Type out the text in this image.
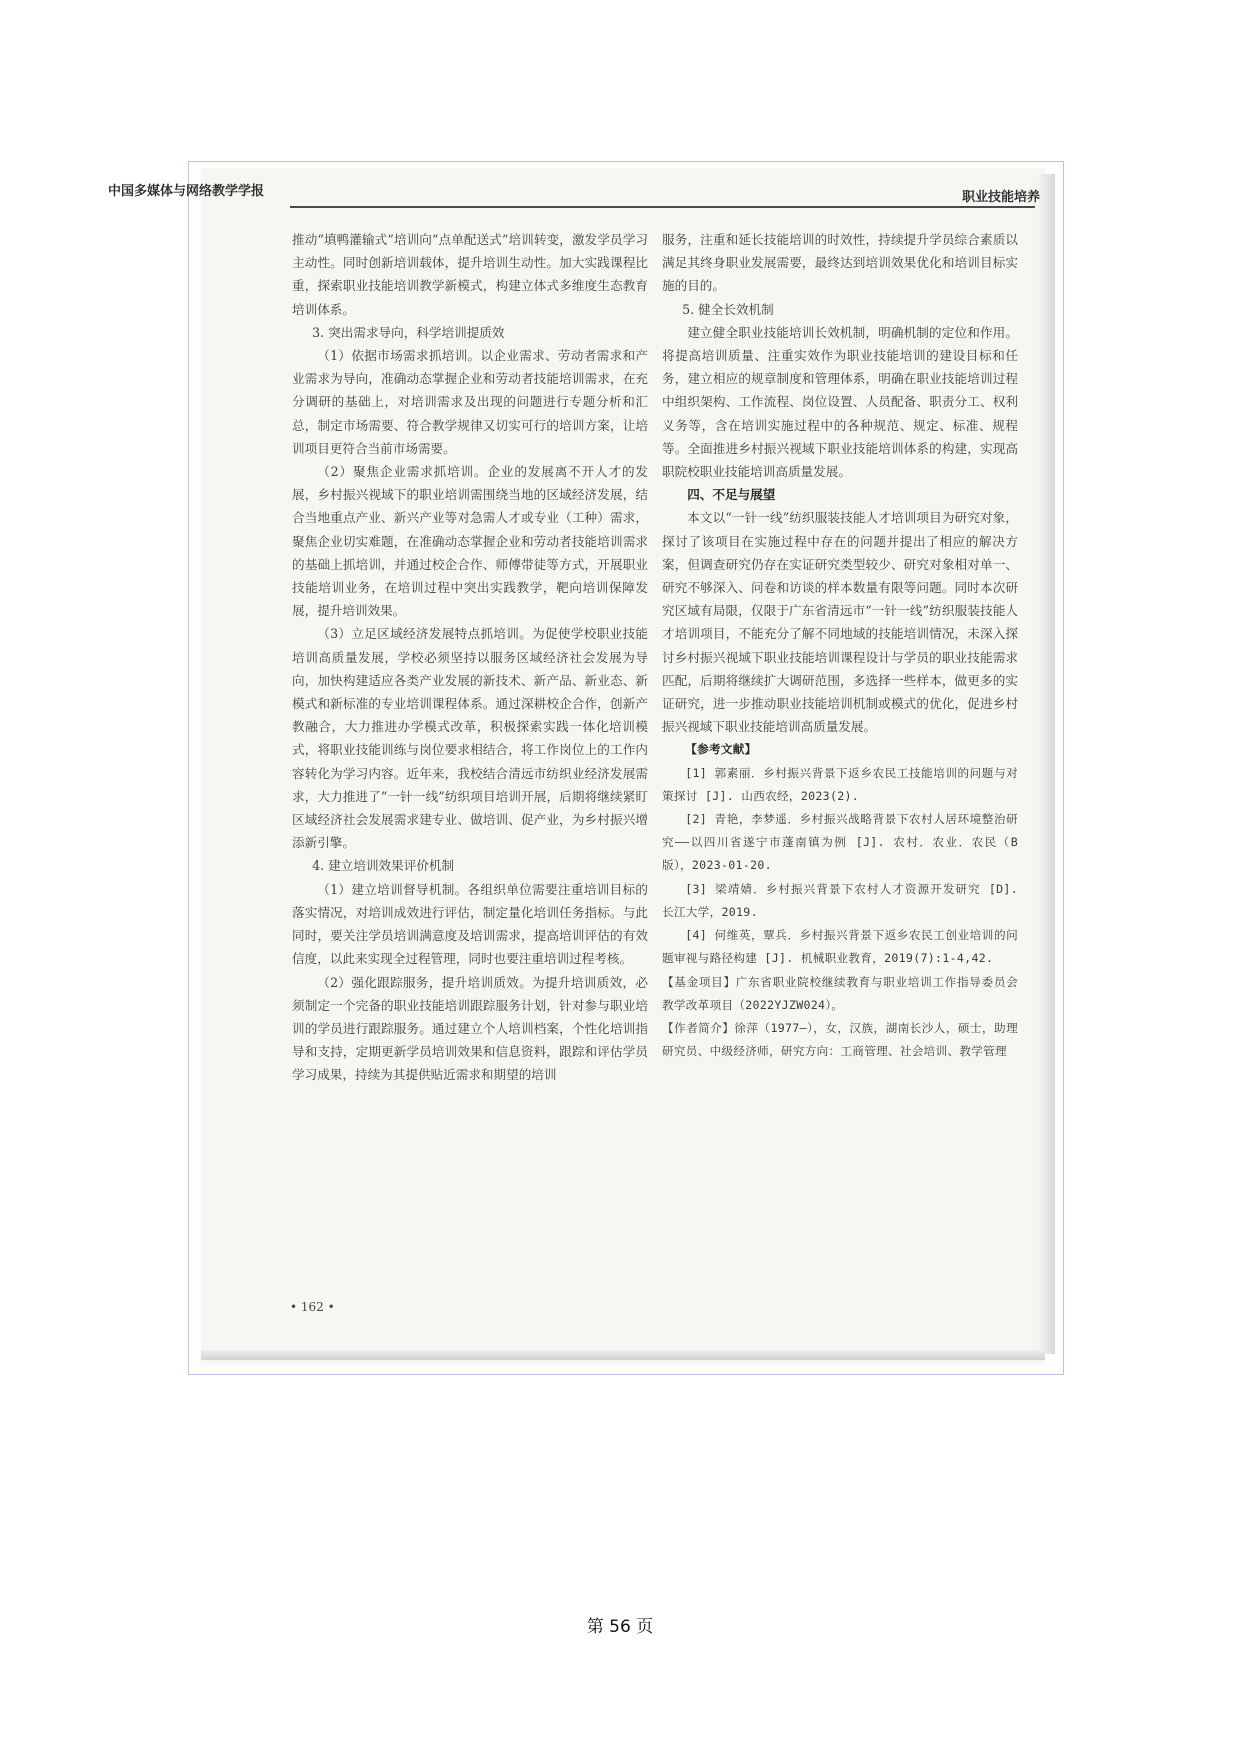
中国多媒体与网络教学学报	职业技能培养

推动“填鸭灌输式”培训向“点单配送式”培训转变，激发学员学习主动性。同时创新培训载体，提升培训生动性。加大实践课程比重，探索职业技能培训教学新模式，构建立体式多维度生态教育培训体系。

3. 突出需求导向，科学培训提质效

（1）依据市场需求抓培训。以企业需求、劳动者需求和产业需求为导向，准确动态掌握企业和劳动者技能培训需求，在充分调研的基础上，对培训需求及出现的问题进行专题分析和汇总，制定市场需要、符合教学规律又切实可行的培训方案，让培训项目更符合当前市场需要。

（2）聚焦企业需求抓培训。企业的发展离不开人才的发展，乡村振兴视域下的职业培训需围绕当地的区域经济发展，结合当地重点产业、新兴产业等对急需人才或专业（工种）需求，聚焦企业切实难题，在准确动态掌握企业和劳动者技能培训需求的基础上抓培训，并通过校企合作、师傅带徒等方式，开展职业技能培训业务，在培训过程中突出实践教学，靶向培训保障发展，提升培训效果。

（3）立足区域经济发展特点抓培训。为促使学校职业技能培训高质量发展，学校必须坚持以服务区域经济社会发展为导向，加快构建适应各类产业发展的新技术、新产品、新业态、新模式和新标准的专业培训课程体系。通过深耕校企合作，创新产教融合，大力推进办学模式改革，积极探索实践一体化培训模式，将职业技能训练与岗位要求相结合，将工作岗位上的工作内容转化为学习内容。近年来，我校结合清远市纺织业经济发展需求，大力推进了“一针一线”纺织项目培训开展，后期将继续紧盯区域经济社会发展需求建专业、做培训、促产业，为乡村振兴增添新引擎。

4. 建立培训效果评价机制

（1）建立培训督导机制。各组织单位需要注重培训目标的落实情况，对培训成效进行评估，制定量化培训任务指标。与此同时，要关注学员培训满意度及培训需求，提高培训评估的有效信度，以此来实现全过程管理，同时也要注重培训过程考核。

（2）强化跟踪服务，提升培训质效。为提升培训质效，必须制定一个完备的职业技能培训跟踪服务计划，针对参与职业培训的学员进行跟踪服务。通过建立个人培训档案，个性化培训指导和支持，定期更新学员培训效果和信息资料，跟踪和评估学员学习成果，持续为其提供贴近需求和期望的培训

服务，注重和延长技能培训的时效性，持续提升学员综合素质以满足其终身职业发展需要，最终达到培训效果优化和培训目标实施的目的。

5. 健全长效机制

建立健全职业技能培训长效机制，明确机制的定位和作用。将提高培训质量、注重实效作为职业技能培训的建设目标和任务，建立相应的规章制度和管理体系，明确在职业技能培训过程中组织架构、工作流程、岗位设置、人员配备、职责分工、权利义务等，含在培训实施过程中的各种规范、规定、标准、规程等。全面推进乡村振兴视域下职业技能培训体系的构建，实现高职院校职业技能培训高质量发展。

四、不足与展望

本文以“一针一线”纺织服装技能人才培训项目为研究对象，探讨了该项目在实施过程中存在的问题并提出了相应的解决方案，但调查研究仍存在实证研究类型较少、研究对象相对单一、研究不够深入、问卷和访谈的样本数量有限等问题。同时本次研究区域有局限，仅限于广东省清远市“一针一线”纺织服装技能人才培训项目，不能充分了解不同地域的技能培训情况，未深入探讨乡村振兴视域下职业技能培训课程设计与学员的职业技能需求匹配，后期将继续扩大调研范围，多选择一些样本，做更多的实证研究，进一步推动职业技能培训机制或模式的优化，促进乡村振兴视域下职业技能培训高质量发展。

【参考文献】

[1] 郭素丽．乡村振兴背景下返乡农民工技能培训的问题与对策探讨 [J]. 山西农经，2023(2).

[2] 青艳，李梦遥．乡村振兴战略背景下农村人居环境整治研究——以四川省遂宁市蓬南镇为例 [J]. 农村．农业．农民（B 版），2023-01-20.

[3] 梁靖婧．乡村振兴背景下农村人才资源开发研究 [D]. 长江大学，2019.

[4] 何维英，覃兵．乡村振兴背景下返乡农民工创业培训的问题审视与路径构建 [J]. 机械职业教育，2019(7):1-4,42.

【基金项目】广东省职业院校继续教育与职业培训工作指导委员会教学改革项目（2022YJZW024）。

【作者简介】徐萍（1977—），女，汉族，湖南长沙人，硕士，助理研究员、中级经济师，研究方向：工商管理、社会培训、教学管理

• 162 •
第 56 页
